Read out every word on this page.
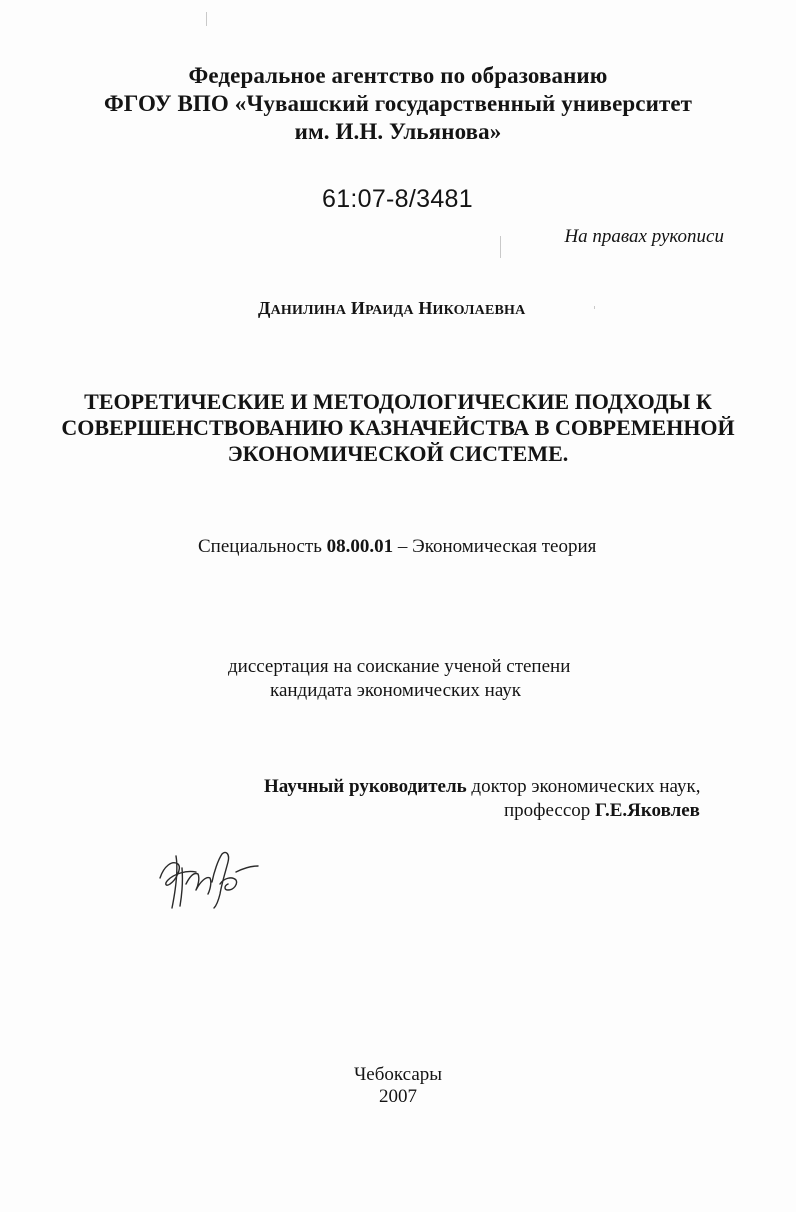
Федеральное агентство по образованию
ФГОУ ВПО «Чувашский государственный университет
им. И.Н. Ульянова»
61:07-8/3481
На правах рукописи
ДАНИЛИНА ИРАИДА НИКОЛАЕВНА
ТЕОРЕТИЧЕСКИЕ И МЕТОДОЛОГИЧЕСКИЕ ПОДХОДЫ К
СОВЕРШЕНСТВОВАНИЮ КАЗНАЧЕЙСТВА В СОВРЕМЕННОЙ
ЭКОНОМИЧЕСКОЙ СИСТЕМЕ.
Специальность 08.00.01 – Экономическая теория
диссертация на соискание ученой степени
кандидата экономических наук
Научный руководитель доктор экономических наук,
профессор Г.Е.Яковлев
Чебоксары
2007
